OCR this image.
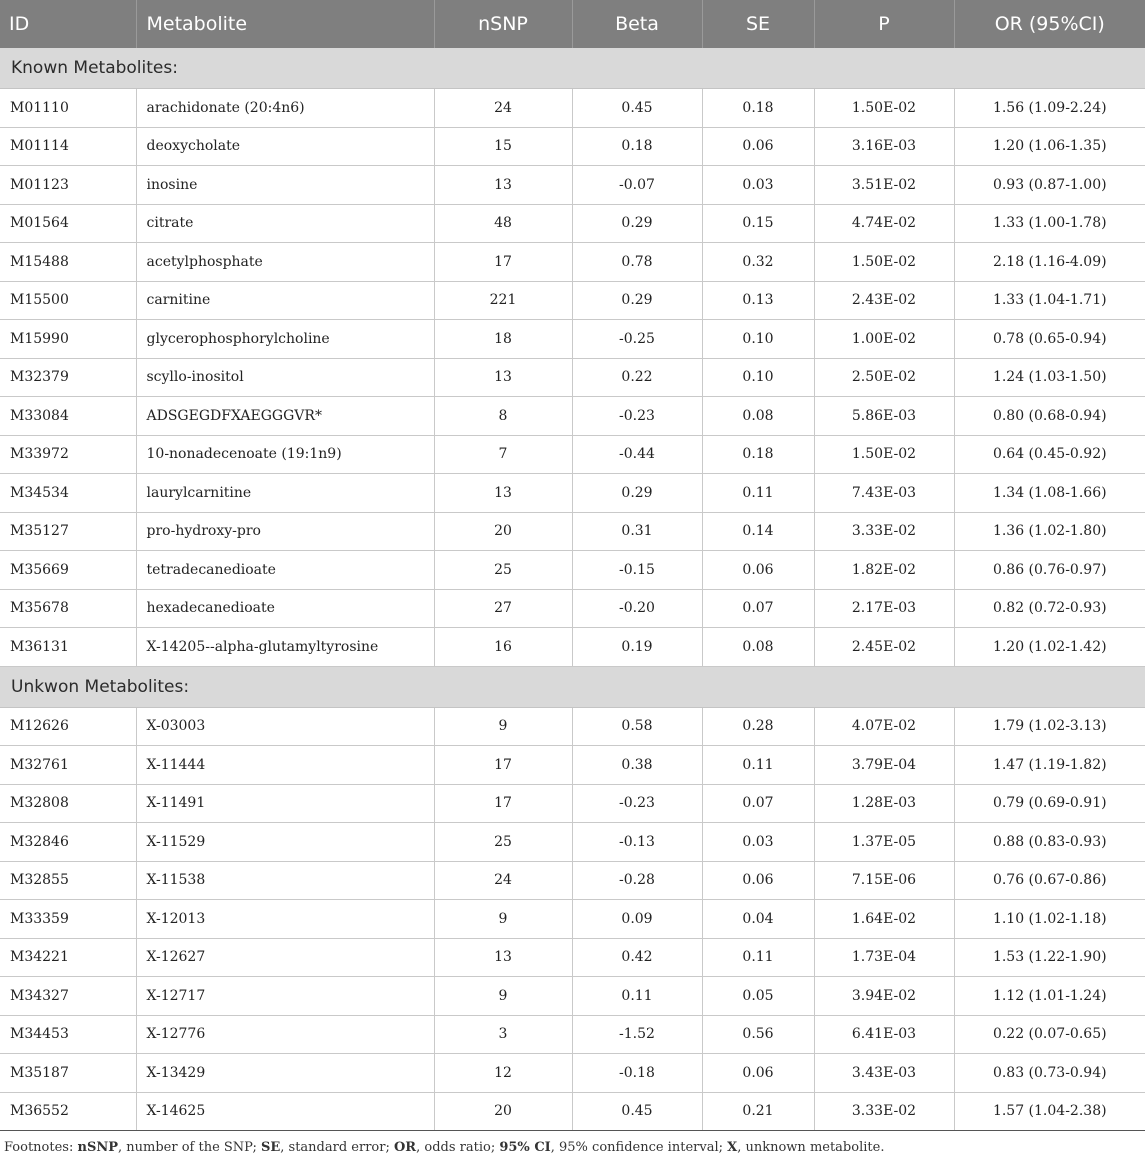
ID	Metabolite	nSNP	Beta	SE	P	OR (95%CI)
Known Metabolites:						
M01110	arachidonate (20:4n6)	24	0.45	0.18	1.50E-02	1.56 (1.09-2.24)
M01114	deoxycholate	15	0.18	0.06	3.16E-03	1.20 (1.06-1.35)
M01123	inosine	13	-0.07	0.03	3.51E-02	0.93 (0.87-1.00)
M01564	citrate	48	0.29	0.15	4.74E-02	1.33 (1.00-1.78)
M15488	acetylphosphate	17	0.78	0.32	1.50E-02	2.18 (1.16-4.09)
M15500	carnitine	221	0.29	0.13	2.43E-02	1.33 (1.04-1.71)
M15990	glycerophosphorylcholine	18	-0.25	0.10	1.00E-02	0.78 (0.65-0.94)
M32379	scyllo-inositol	13	0.22	0.10	2.50E-02	1.24 (1.03-1.50)
M33084	ADSGEGDFXAEGGGVR*	8	-0.23	0.08	5.86E-03	0.80 (0.68-0.94)
M33972	10-nonadecenoate (19:1n9)	7	-0.44	0.18	1.50E-02	0.64 (0.45-0.92)
M34534	laurylcarnitine	13	0.29	0.11	7.43E-03	1.34 (1.08-1.66)
M35127	pro-hydroxy-pro	20	0.31	0.14	3.33E-02	1.36 (1.02-1.80)
M35669	tetradecanedioate	25	-0.15	0.06	1.82E-02	0.86 (0.76-0.97)
M35678	hexadecanedioate	27	-0.20	0.07	2.17E-03	0.82 (0.72-0.93)
M36131	X-14205--alpha-glutamyltyrosine	16	0.19	0.08	2.45E-02	1.20 (1.02-1.42)
Unkwon Metabolites:						
M12626	X-03003	9	0.58	0.28	4.07E-02	1.79 (1.02-3.13)
M32761	X-11444	17	0.38	0.11	3.79E-04	1.47 (1.19-1.82)
M32808	X-11491	17	-0.23	0.07	1.28E-03	0.79 (0.69-0.91)
M32846	X-11529	25	-0.13	0.03	1.37E-05	0.88 (0.83-0.93)
M32855	X-11538	24	-0.28	0.06	7.15E-06	0.76 (0.67-0.86)
M33359	X-12013	9	0.09	0.04	1.64E-02	1.10 (1.02-1.18)
M34221	X-12627	13	0.42	0.11	1.73E-04	1.53 (1.22-1.90)
M34327	X-12717	9	0.11	0.05	3.94E-02	1.12 (1.01-1.24)
M34453	X-12776	3	-1.52	0.56	6.41E-03	0.22 (0.07-0.65)
M35187	X-13429	12	-0.18	0.06	3.43E-03	0.83 (0.73-0.94)
M36552	X-14625	20	0.45	0.21	3.33E-02	1.57 (1.04-2.38)
Footnotes: nSNP, number of the SNP; SE, standard error; OR, odds ratio; 95% CI, 95% confidence interval; X, unknown metabolite.
